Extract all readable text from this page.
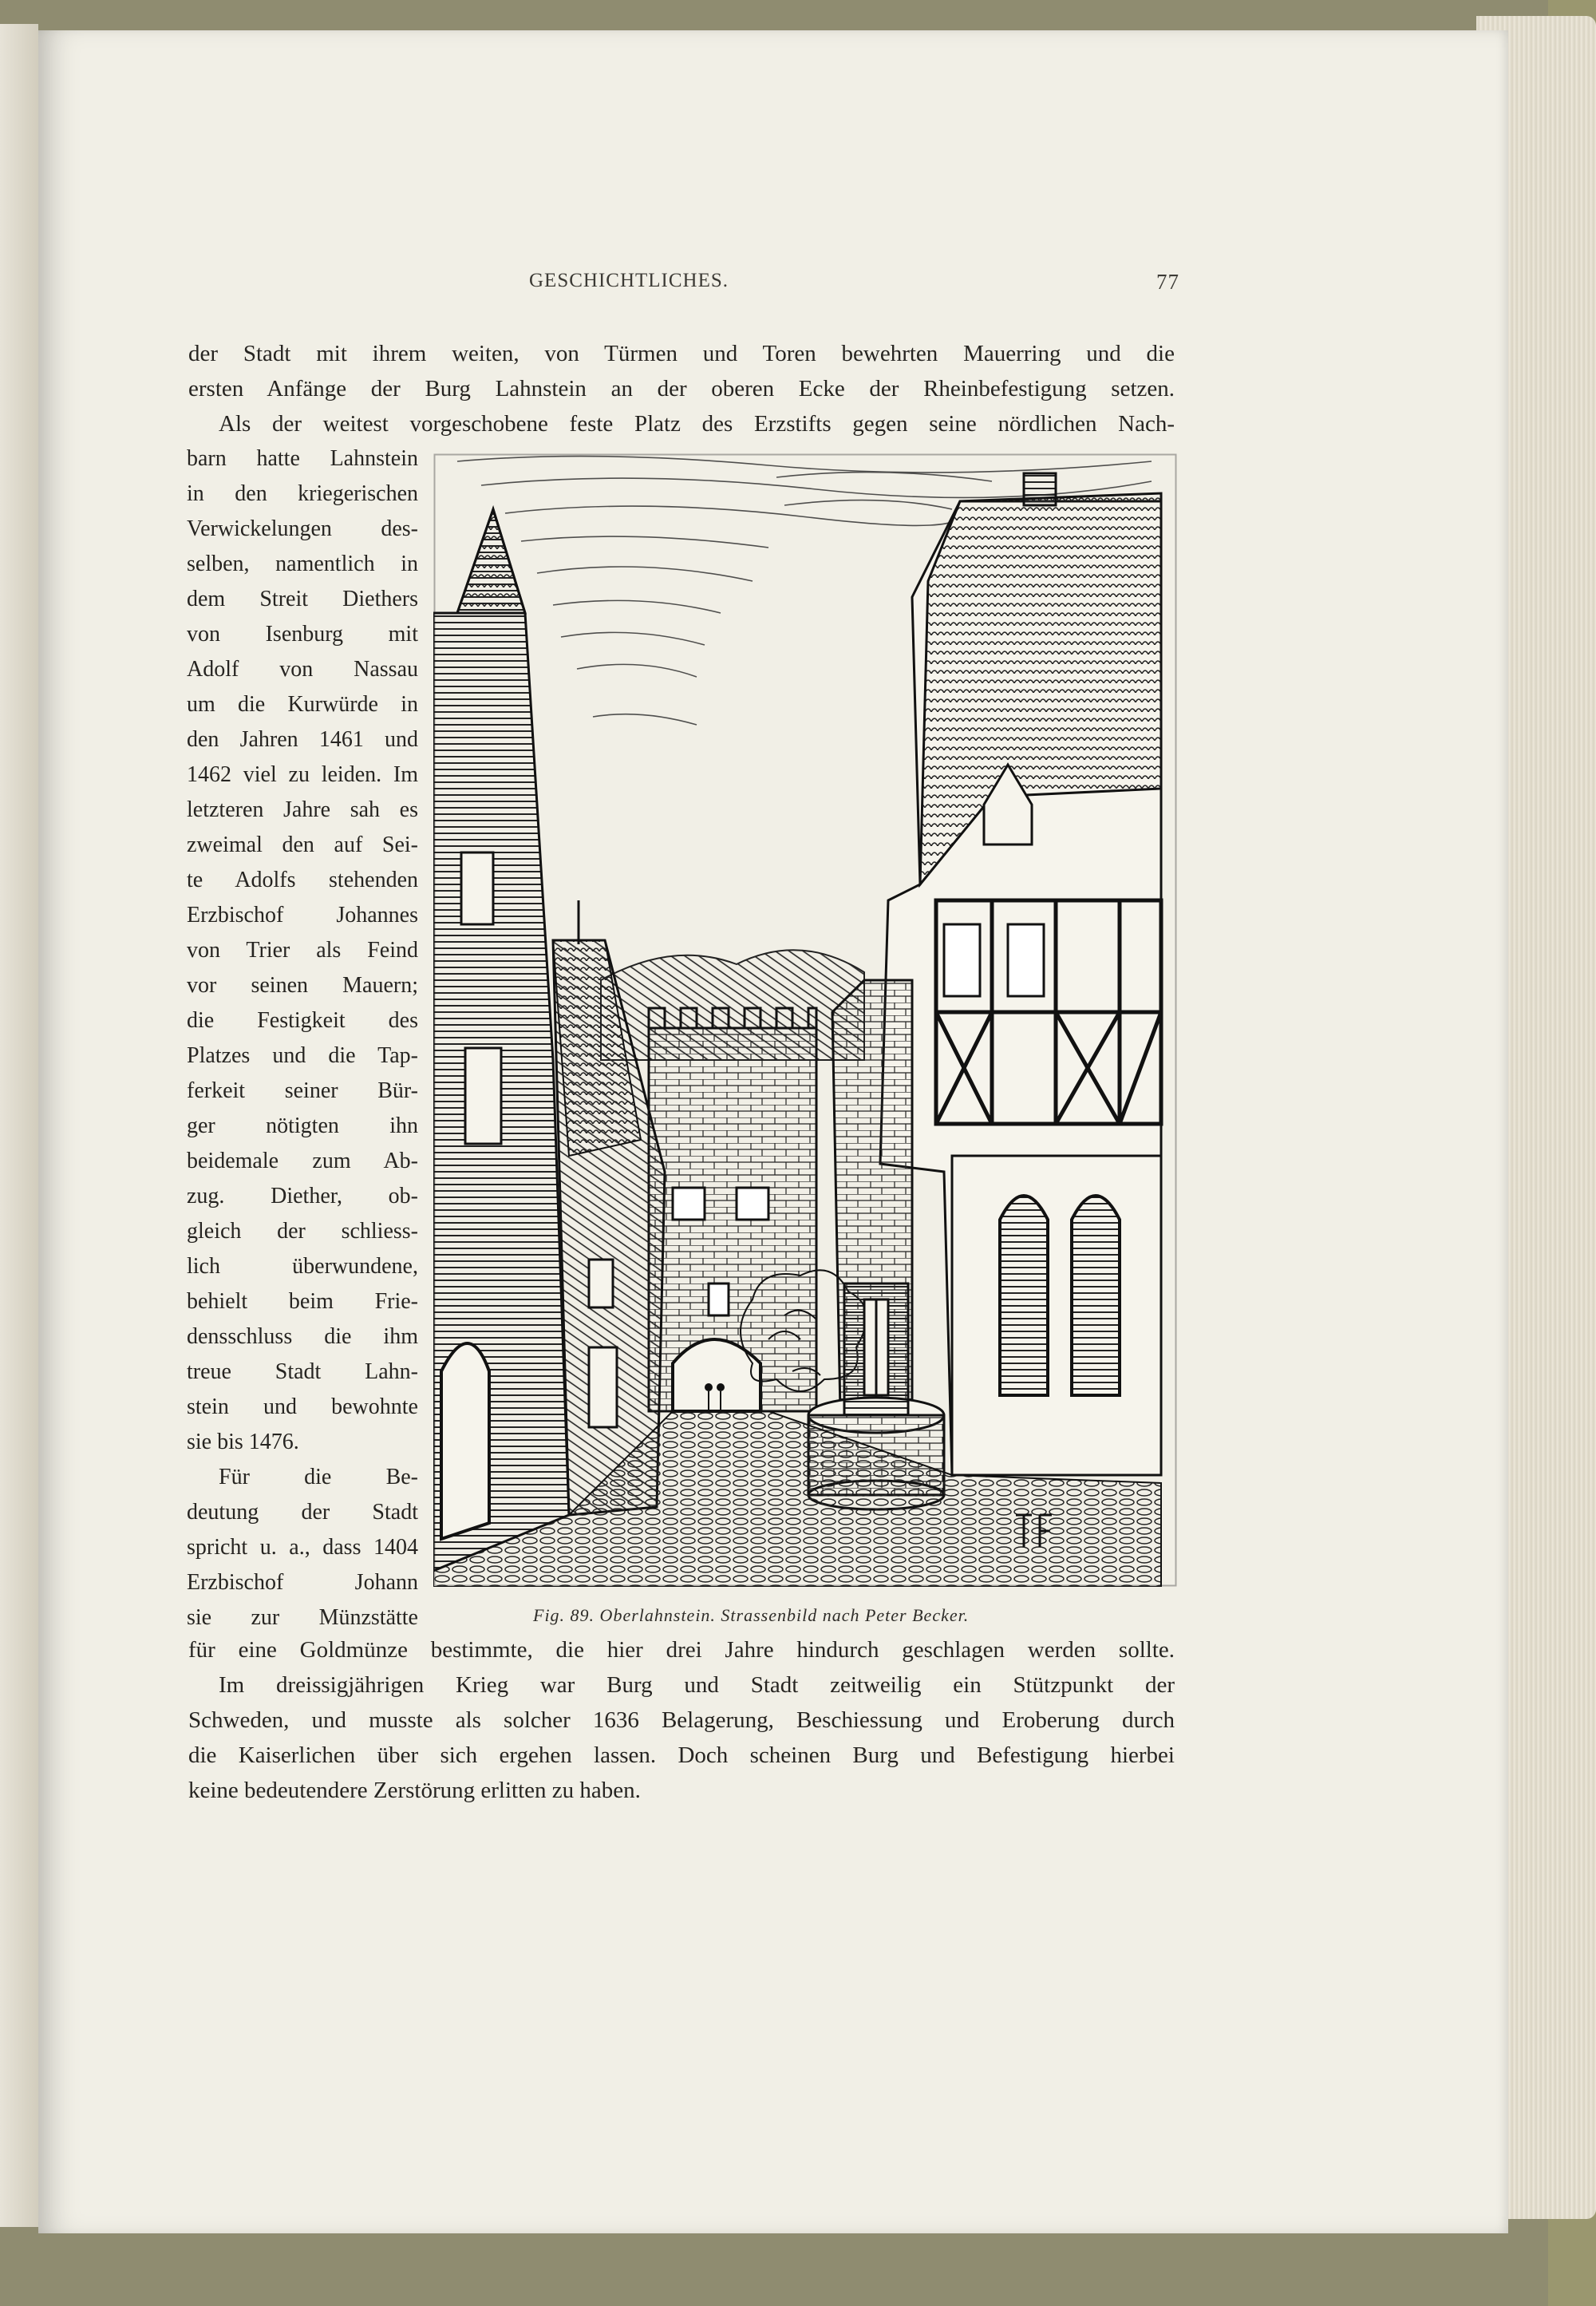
GESCHICHTLICHES.	77
der Stadt mit ihrem weiten, von Türmen und Toren bewehrten Mauerring und die
ersten Anfänge der Burg Lahnstein an der oberen Ecke der Rheinbefestigung setzen.
Als der weitest vorgeschobene feste Platz des Erzstifts gegen seine nördlichen Nach-
barn hatte Lahnstein
in den kriegerischen
Verwickelungen des-
selben, namentlich in
dem Streit Diethers
von Isenburg mit
Adolf von Nassau
um die Kurwürde in
den Jahren 1461 und
1462 viel zu leiden. Im
letzteren Jahre sah es
zweimal den auf Sei-
te Adolfs stehenden
Erzbischof Johannes
von Trier als Feind
vor seinen Mauern;
die Festigkeit des
Platzes und die Tap-
ferkeit seiner Bür-
ger nötigten ihn
beidemale zum Ab-
zug. Diether, ob-
gleich der schliess-
lich überwundene,
behielt beim Frie-
densschluss die ihm
treue Stadt Lahn-
stein und bewohnte
sie bis 1476.
Für die Be-
deutung der Stadt
spricht u. a., dass 1404
Erzbischof Johann
sie zur Münzstätte	Fig. 89. Oberlahnstein. Strassenbild nach Peter Becker.
für eine Goldmünze bestimmte, die hier drei Jahre hindurch geschlagen werden sollte.
Im dreissigjährigen Krieg war Burg und Stadt zeitweilig ein Stützpunkt der
Schweden, und musste als solcher 1636 Belagerung, Beschiessung und Eroberung durch
die Kaiserlichen über sich ergehen lassen. Doch scheinen Burg und Befestigung hierbei
keine bedeutendere Zerstörung erlitten zu haben.
